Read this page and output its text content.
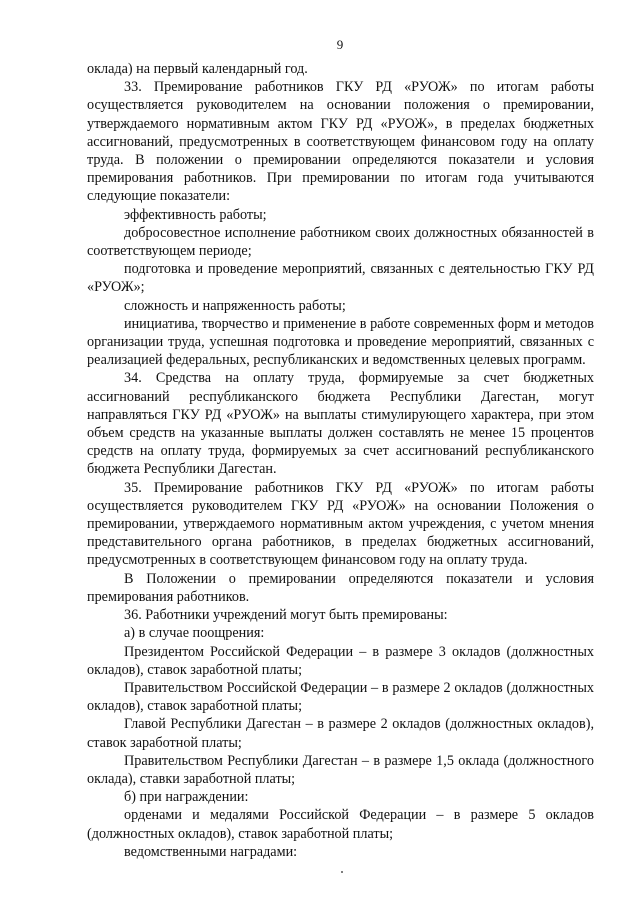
9

оклада) на первый календарный год.

33. Премирование работников ГКУ РД «РУОЖ» по итогам работы осуществляется руководителем на основании положения о премировании, утверждаемого нормативным актом ГКУ РД «РУОЖ», в пределах бюджетных ассигнований, предусмотренных в соответствующем финансовом году на оплату труда. В положении о премировании определяются показатели и условия премирования работников. При премировании по итогам года учитываются следующие показатели:

эффективность работы;

добросовестное исполнение работником своих должностных обязанностей в соответствующем периоде;

подготовка и проведение мероприятий, связанных с деятельностью ГКУ РД «РУОЖ»;

сложность и напряженность работы;

инициатива, творчество и применение в работе современных форм и методов организации труда, успешная подготовка и проведение мероприятий, связанных с реализацией федеральных, республиканских и ведомственных целевых программ.

34. Средства на оплату труда, формируемые за счет бюджетных ассигнований республиканского бюджета Республики Дагестан, могут направляться ГКУ РД «РУОЖ» на выплаты стимулирующего характера, при этом объем средств на указанные выплаты должен составлять не менее 15 процентов средств на оплату труда, формируемых за счет ассигнований республиканского бюджета Республики Дагестан.

35. Премирование работников ГКУ РД «РУОЖ» по итогам работы осуществляется руководителем ГКУ РД «РУОЖ» на основании Положения о премировании, утверждаемого нормативным актом учреждения, с учетом мнения представительного органа работников, в пределах бюджетных ассигнований, предусмотренных в соответствующем финансовом году на оплату труда.

В Положении о премировании определяются показатели и условия премирования работников.

36. Работники учреждений могут быть премированы:

а) в случае поощрения:

Президентом Российской Федерации – в размере 3 окладов (должностных окладов), ставок заработной платы;

Правительством Российской Федерации – в размере 2 окладов (должностных окладов), ставок заработной платы;

Главой Республики Дагестан – в размере 2 окладов (должностных окладов), ставок заработной платы;

Правительством Республики Дагестан – в размере 1,5 оклада (должностного оклада), ставки заработной платы;

б) при награждении:

орденами и медалями Российской Федерации – в размере 5 окладов (должностных окладов), ставок заработной платы;

ведомственными наградами:
